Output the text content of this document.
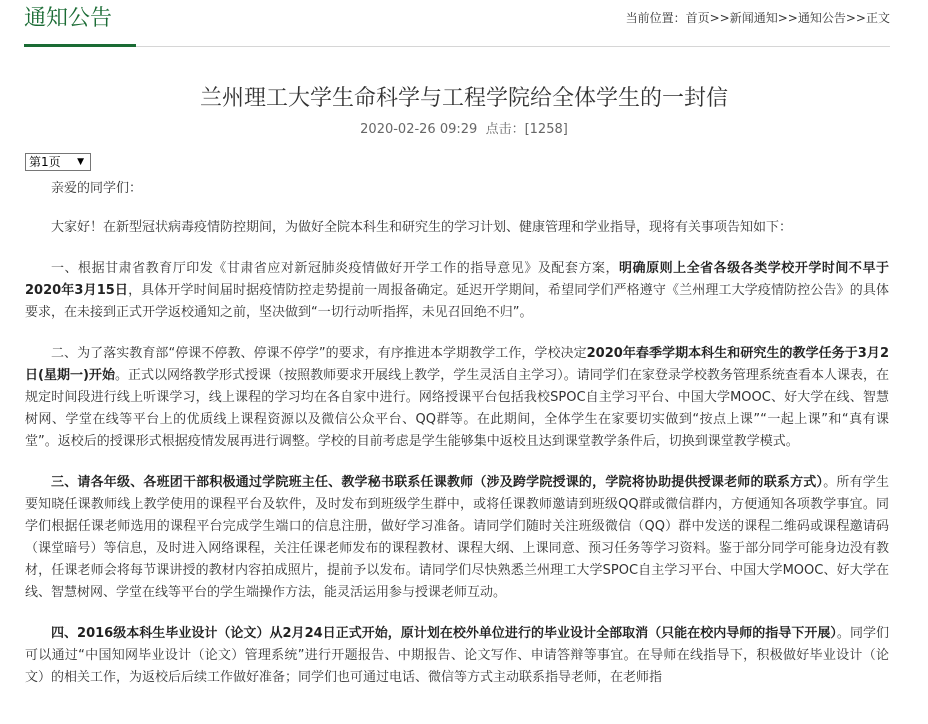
通知公告	当前位置：首页>>新闻通知>>通知公告>>正文
兰州理工大学生命科学与工程学院给全体学生的一封信
2020-02-26 09:29 点击：[1258]
第1页 ▼

亲爱的同学们：

大家好！在新型冠状病毒疫情防控期间，为做好全院本科生和研究生的学习计划、健康管理和学业指导，现将有关事项告知如下：

一、根据甘肃省教育厅印发《甘肃省应对新冠肺炎疫情做好开学工作的指导意见》及配套方案，明确原则上全省各级各类学校开学时间不早于2020年3月15日，具体开学时间届时据疫情防控走势提前一周报备确定。延迟开学期间，希望同学们严格遵守《兰州理工大学疫情防控公告》的具体要求，在未接到正式开学返校通知之前，坚决做到“一切行动听指挥，未见召回绝不归”。

二、为了落实教育部“停课不停教、停课不停学”的要求，有序推进本学期教学工作，学校决定2020年春季学期本科生和研究生的教学任务于3月2日(星期一)开始。正式以网络教学形式授课（按照教师要求开展线上教学，学生灵活自主学习）。请同学们在家登录学校教务管理系统查看本人课表，在规定时间段进行线上听课学习，线上课程的学习均在各自家中进行。网络授课平台包括我校SPOC自主学习平台、中国大学MOOC、好大学在线、智慧树网、学堂在线等平台上的优质线上课程资源以及微信公众平台、QQ群等。在此期间，全体学生在家要切实做到“按点上课”“一起上课”和“真有课堂”。返校后的授课形式根据疫情发展再进行调整。学校的目前考虑是学生能够集中返校且达到课堂教学条件后，切换到课堂教学模式。

三、请各年级、各班团干部积极通过学院班主任、教学秘书联系任课教师（涉及跨学院授课的，学院将协助提供授课老师的联系方式）。所有学生要知晓任课教师线上教学使用的课程平台及软件，及时发布到班级学生群中，或将任课教师邀请到班级QQ群或微信群内，方便通知各项教学事宜。同学们根据任课老师选用的课程平台完成学生端口的信息注册，做好学习准备。请同学们随时关注班级微信（QQ）群中发送的课程二维码或课程邀请码（课堂暗号）等信息，及时进入网络课程，关注任课老师发布的课程教材、课程大纲、上课同意、预习任务等学习资料。鉴于部分同学可能身边没有教材，任课老师会将每节课讲授的教材内容拍成照片，提前予以发布。请同学们尽快熟悉兰州理工大学SPOC自主学习平台、中国大学MOOC、好大学在线、智慧树网、学堂在线等平台的学生端操作方法，能灵活运用参与授课老师互动。

四、2016级本科生毕业设计（论文）从2月24日正式开始，原计划在校外单位进行的毕业设计全部取消（只能在校内导师的指导下开展）。同学们可以通过“中国知网毕业设计（论文）管理系统”进行开题报告、中期报告、论文写作、申请答辩等事宜。在导师在线指导下，积极做好毕业设计（论文）的相关工作，为返校后后续工作做好准备；同学们也可通过电话、微信等方式主动联系指导老师，在老师指
